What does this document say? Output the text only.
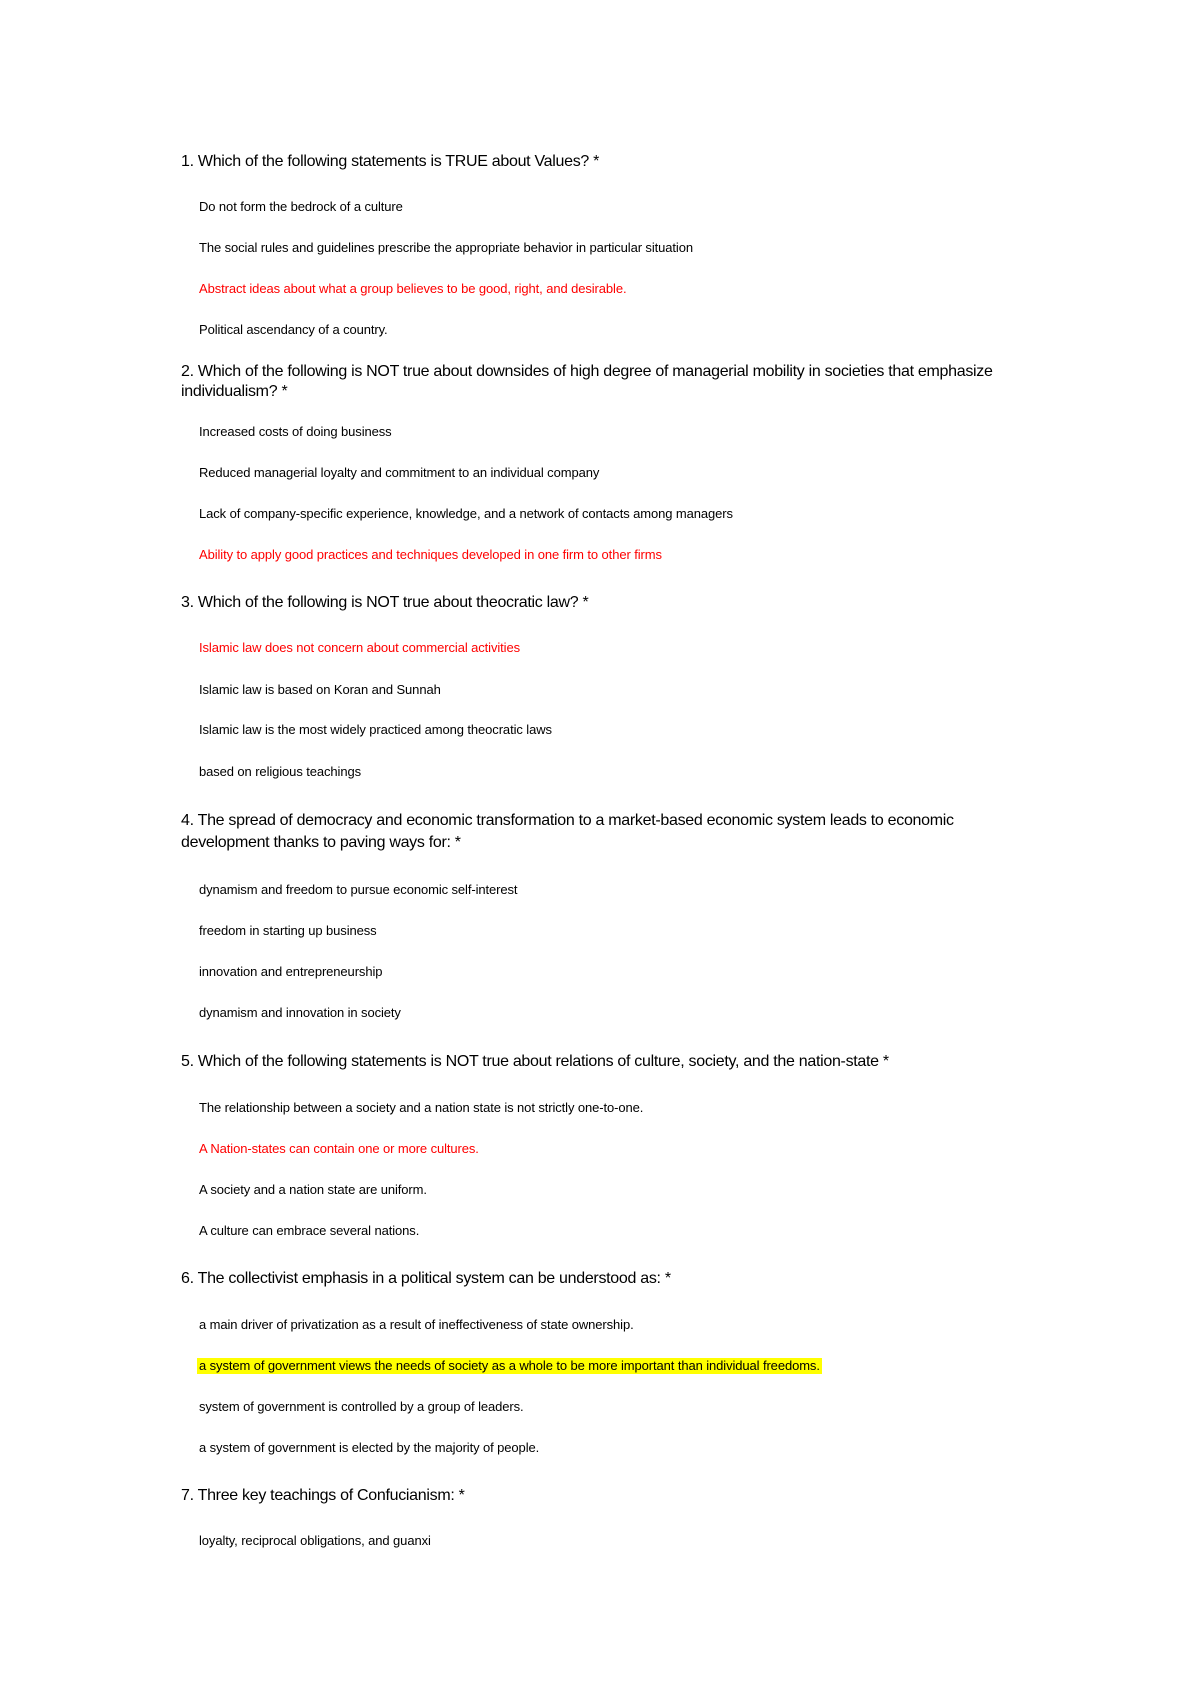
1. Which of the following statements is TRUE about Values? *
Do not form the bedrock of a culture
The social rules and guidelines prescribe the appropriate behavior in particular situation
Abstract ideas about what a group believes to be good, right, and desirable.
Political ascendancy of a country.
2. Which of the following is NOT true about downsides of high degree of managerial mobility in societies that emphasize individualism? *
Increased costs of doing business
Reduced managerial loyalty and commitment to an individual company
Lack of company-specific experience, knowledge, and a network of contacts among managers
Ability to apply good practices and techniques developed in one firm to other firms
3. Which of the following is NOT true about theocratic law? *
Islamic law does not concern about commercial activities
Islamic law is based on Koran and Sunnah
Islamic law is the most widely practiced among theocratic laws
based on religious teachings
4. The spread of democracy and economic transformation to a market-based economic system leads to economic development thanks to paving ways for: *
dynamism and freedom to pursue economic self-interest
freedom in starting up business
innovation and entrepreneurship
dynamism and innovation in society
5. Which of the following statements is NOT true about relations of culture, society, and the nation-state *
The relationship between a society and a nation state is not strictly one-to-one.
A Nation-states can contain one or more cultures.
A society and a nation state are uniform.
A culture can embrace several nations.
6. The collectivist emphasis in a political system can be understood as: *
a main driver of privatization as a result of ineffectiveness of state ownership.
a system of government views the needs of society as a whole to be more important than individual freedoms.
system of government is controlled by a group of leaders.
a system of government is elected by the majority of people.
7. Three key teachings of Confucianism: *
loyalty, reciprocal obligations, and guanxi
